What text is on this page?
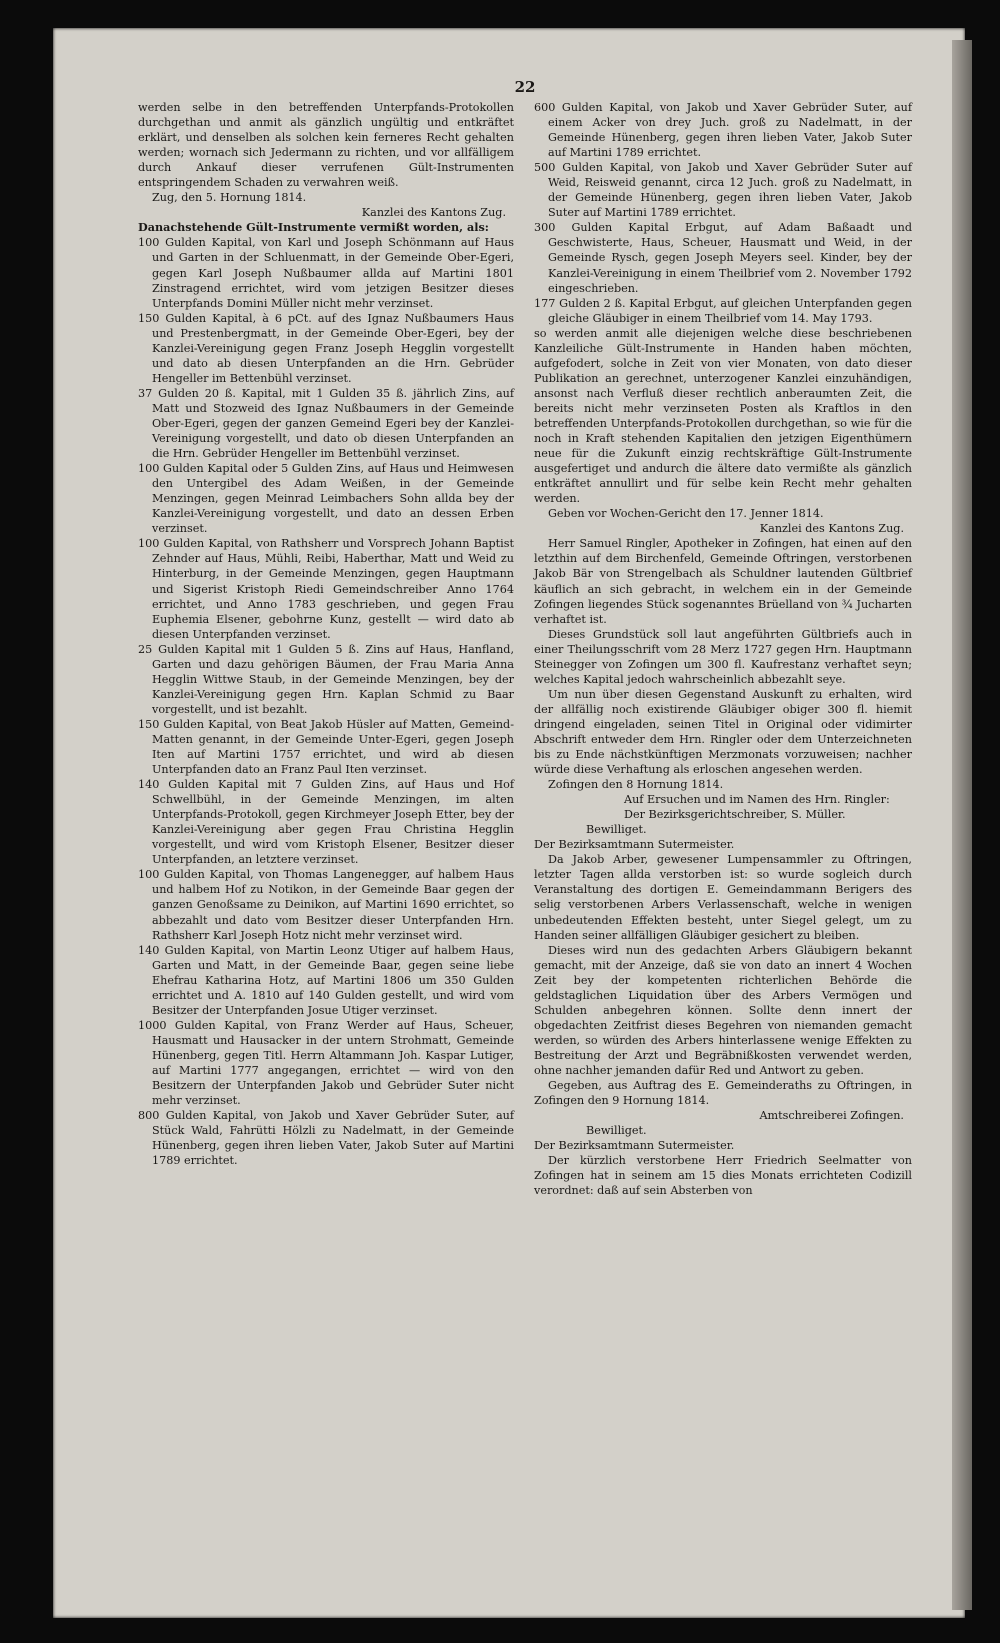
22

werden selbe in den betreffenden Unterpfands-Protokollen durchgethan und anmit als gänzlich ungültig und entkräftet erklärt, und denselben als solchen kein ferneres Recht gehalten werden; wornach sich Jedermann zu richten, und vor allfälligem durch Ankauf dieser verrufenen Gült-Instrumenten entspringendem Schaden zu verwahren weiß.

Zug, den 5. Hornung 1814.

Kanzlei des Kantons Zug.

Danachstehende Gült-Instrumente vermißt worden, als:

100 Gulden Kapital, von Karl und Joseph Schönmann auf Haus und Garten in der Schluenmatt, in der Gemeinde Ober-Egeri, gegen Karl Joseph Nußbaumer allda auf Martini 1801 Zinstragend errichtet, wird vom jetzigen Besitzer dieses Unterpfands Domini Müller nicht mehr verzinset.

150 Gulden Kapital, à 6 pCt. auf des Ignaz Nußbaumers Haus und Prestenbergmatt, in der Gemeinde Ober-Egeri, bey der Kanzlei-Vereinigung gegen Franz Joseph Hegglin vorgestellt und dato ab diesen Unterpfanden an die Hrn. Gebrüder Hengeller im Bettenbühl verzinset.

37 Gulden 20 ß. Kapital, mit 1 Gulden 35 ß. jährlich Zins, auf Matt und Stozweid des Ignaz Nußbaumers in der Gemeinde Ober-Egeri, gegen der ganzen Gemeind Egeri bey der Kanzlei-Vereinigung vorgestellt, und dato ob diesen Unterpfanden an die Hrn. Gebrüder Hengeller im Bettenbühl verzinset.

100 Gulden Kapital oder 5 Gulden Zins, auf Haus und Heimwesen den Untergibel des Adam Weißen, in der Gemeinde Menzingen, gegen Meinrad Leimbachers Sohn allda bey der Kanzlei-Vereinigung vorgestellt, und dato an dessen Erben verzinset.

100 Gulden Kapital, von Rathsherr und Vorsprech Johann Baptist Zehnder auf Haus, Mühli, Reibi, Haberthar, Matt und Weid zu Hinterburg, in der Gemeinde Menzingen, gegen Hauptmann und Sigerist Kristoph Riedi Gemeindschreiber Anno 1764 errichtet, und Anno 1783 geschrieben, und gegen Frau Euphemia Elsener, gebohrne Kunz, gestellt — wird dato ab diesen Unterpfanden verzinset.

25 Gulden Kapital mit 1 Gulden 5 ß. Zins auf Haus, Hanfland, Garten und dazu gehörigen Bäumen, der Frau Maria Anna Hegglin Wittwe Staub, in der Gemeinde Menzingen, bey der Kanzlei-Vereinigung gegen Hrn. Kaplan Schmid zu Baar vorgestellt, und ist bezahlt.

150 Gulden Kapital, von Beat Jakob Hüsler auf Matten, Gemeind-Matten genannt, in der Gemeinde Unter-Egeri, gegen Joseph Iten auf Martini 1757 errichtet, und wird ab diesen Unterpfanden dato an Franz Paul Iten verzinset.

140 Gulden Kapital mit 7 Gulden Zins, auf Haus und Hof Schwellbühl, in der Gemeinde Menzingen, im alten Unterpfands-Protokoll, gegen Kirchmeyer Joseph Etter, bey der Kanzlei-Vereinigung aber gegen Frau Christina Hegglin vorgestellt, und wird vom Kristoph Elsener, Besitzer dieser Unterpfanden, an letztere verzinset.

100 Gulden Kapital, von Thomas Langenegger, auf halbem Haus und halbem Hof zu Notikon, in der Gemeinde Baar gegen der ganzen Genoßsame zu Deinikon, auf Martini 1690 errichtet, so abbezahlt und dato vom Besitzer dieser Unterpfanden Hrn. Rathsherr Karl Joseph Hotz nicht mehr verzinset wird.

140 Gulden Kapital, von Martin Leonz Utiger auf halbem Haus, Garten und Matt, in der Gemeinde Baar, gegen seine liebe Ehefrau Katharina Hotz, auf Martini 1806 um 350 Gulden errichtet und A. 1810 auf 140 Gulden gestellt, und wird vom Besitzer der Unterpfanden Josue Utiger verzinset.

1000 Gulden Kapital, von Franz Werder auf Haus, Scheuer, Hausmatt und Hausacker in der untern Strohmatt, Gemeinde Hünenberg, gegen Titl. Herrn Altammann Joh. Kaspar Lutiger, auf Martini 1777 angegangen, errichtet — wird von den Besitzern der Unterpfanden Jakob und Gebrüder Suter nicht mehr verzinset.

800 Gulden Kapital, von Jakob und Xaver Gebrüder Suter, auf Stück Wald, Fahrütti Hölzli zu Nadelmatt, in der Gemeinde Hünenberg, gegen ihren lieben Vater, Jakob Suter auf Martini 1789 errichtet.

600 Gulden Kapital, von Jakob und Xaver Gebrüder Suter, auf einem Acker von drey Juch. groß zu Nadelmatt, in der Gemeinde Hünenberg, gegen ihren lieben Vater, Jakob Suter auf Martini 1789 errichtet.

500 Gulden Kapital, von Jakob und Xaver Gebrüder Suter auf Weid, Reisweid genannt, circa 12 Juch. groß zu Nadelmatt, in der Gemeinde Hünenberg, gegen ihren lieben Vater, Jakob Suter auf Martini 1789 errichtet.

300 Gulden Kapital Erbgut, auf Adam Baßaadt und Geschwisterte, Haus, Scheuer, Hausmatt und Weid, in der Gemeinde Rysch, gegen Joseph Meyers seel. Kinder, bey der Kanzlei-Vereinigung in einem Theilbrief vom 2. November 1792 eingeschrieben.

177 Gulden 2 ß. Kapital Erbgut, auf gleichen Unterpfanden gegen gleiche Gläubiger in einem Theilbrief vom 14. May 1793.

so werden anmit alle diejenigen welche diese beschriebenen Kanzleiliche Gült-Instrumente in Handen haben möchten, aufgefodert, solche in Zeit von vier Monaten, von dato dieser Publikation an gerechnet, unterzogener Kanzlei einzuhändigen, ansonst nach Verfluß dieser rechtlich anberaumten Zeit, die bereits nicht mehr verzinseten Posten als Kraftlos in den betreffenden Unterpfands-Protokollen durchgethan, so wie für die noch in Kraft stehenden Kapitalien den jetzigen Eigenthümern neue für die Zukunft einzig rechtskräftige Gült-Instrumente ausgefertiget und andurch die ältere dato vermißte als gänzlich entkräftet annullirt und für selbe kein Recht mehr gehalten werden.

Geben vor Wochen-Gericht den 17. Jenner 1814.

Kanzlei des Kantons Zug.

Herr Samuel Ringler, Apotheker in Zofingen, hat einen auf den letzthin auf dem Birchenfeld, Gemeinde Oftringen, verstorbenen Jakob Bär von Strengelbach als Schuldner lautenden Gültbrief käuflich an sich gebracht, in welchem ein in der Gemeinde Zofingen liegendes Stück sogenanntes Brüelland von ¾ Jucharten verhaftet ist.

Dieses Grundstück soll laut angeführten Gültbriefs auch in einer Theilungsschrift vom 28 Merz 1727 gegen Hrn. Hauptmann Steinegger von Zofingen um 300 fl. Kaufrestanz verhaftet seyn; welches Kapital jedoch wahrscheinlich abbezahlt seye.

Um nun über diesen Gegenstand Auskunft zu erhalten, wird der allfällig noch existirende Gläubiger obiger 300 fl. hiemit dringend eingeladen, seinen Titel in Original oder vidimirter Abschrift entweder dem Hrn. Ringler oder dem Unterzeichneten bis zu Ende nächstkünftigen Merzmonats vorzuweisen; nachher würde diese Verhaftung als erloschen angesehen werden.

Zofingen den 8 Hornung 1814.

Auf Ersuchen und im Namen des Hrn. Ringler:

Der Bezirksgerichtschreiber, S. Müller.

Bewilliget.

Der Bezirksamtmann Sutermeister.

Da Jakob Arber, gewesener Lumpensammler zu Oftringen, letzter Tagen allda verstorben ist: so wurde sogleich durch Veranstaltung des dortigen E. Gemeindammann Berigers des selig verstorbenen Arbers Verlassenschaft, welche in wenigen unbedeutenden Effekten besteht, unter Siegel gelegt, um zu Handen seiner allfälligen Gläubiger gesichert zu bleiben.

Dieses wird nun des gedachten Arbers Gläubigern bekannt gemacht, mit der Anzeige, daß sie von dato an innert 4 Wochen Zeit bey der kompetenten richterlichen Behörde die geldstaglichen Liquidation über des Arbers Vermögen und Schulden anbegehren können. Sollte denn innert der obgedachten Zeitfrist dieses Begehren von niemanden gemacht werden, so würden des Arbers hinterlassene wenige Effekten zu Bestreitung der Arzt und Begräbnißkosten verwendet werden, ohne nachher jemanden dafür Red und Antwort zu geben.

Gegeben, aus Auftrag des E. Gemeinderaths zu Oftringen, in Zofingen den 9 Hornung 1814.

Amtschreiberei Zofingen.

Bewilliget.

Der Bezirksamtmann Sutermeister.

Der kürzlich verstorbene Herr Friedrich Seelmatter von Zofingen hat in seinem am 15 dies Monats errichteten Codizill verordnet: daß auf sein Absterben von
